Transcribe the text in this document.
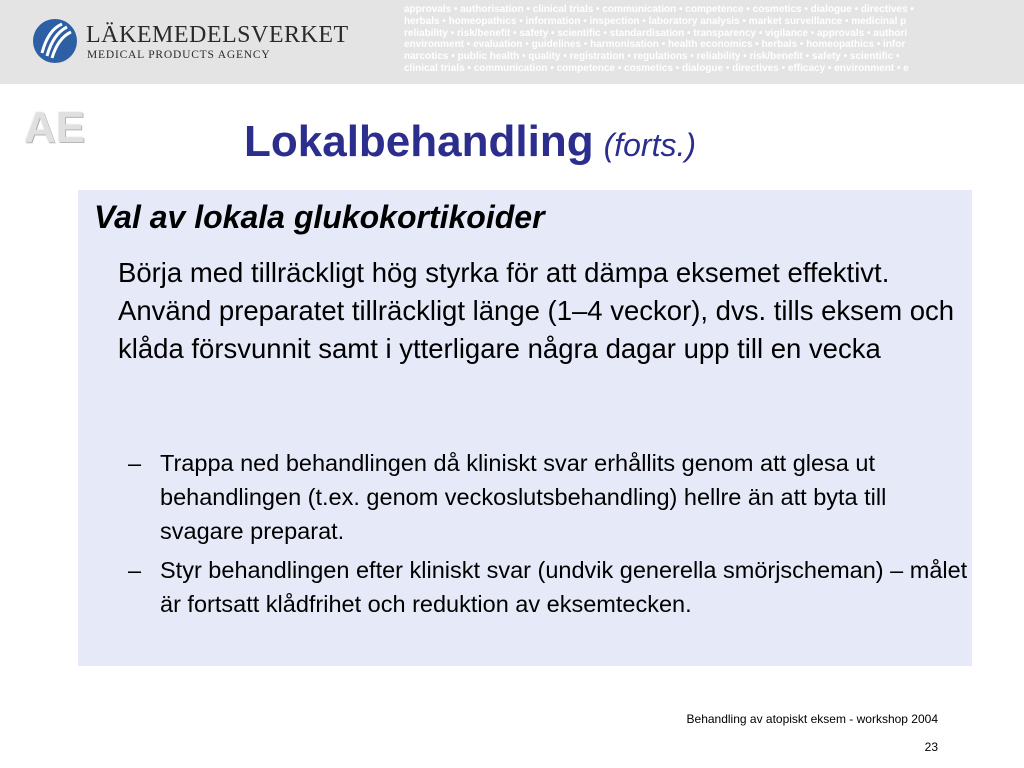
LÄKEMEDELSVERKET
MEDICAL PRODUCTS AGENCY
approvals • authorisation • clinical trials • communication • competence • cosmetics • dialogue • directives •
herbals • homeopathics • information • inspection • laboratory analysis • market surveillance • medicinal p
reliability • risk/benefit • safety • scientific • standardisation • transparency • vigilance • approvals • authori
environment • evaluation • guidelines • harmonisation • health economics • herbals • homeopathics • infor
narcotics • public health • quality • registration • regulations • reliability • risk/benefit • safety • scientific •
clinical trials • communication • competence • cosmetics • dialogue • directives • efficacy • environment • e
AE	Lokalbehandling (forts.)
Val av lokala glukokortikoider
Börja med tillräckligt hög styrka för att dämpa eksemet effektivt. Använd preparatet tillräckligt länge (1–4 veckor), dvs. tills eksem och klåda försvunnit samt i ytterligare några dagar upp till en vecka
– Trappa ned behandlingen då kliniskt svar erhållits genom att glesa ut behandlingen (t.ex. genom veckoslutsbehandling) hellre än att byta till svagare preparat.
– Styr behandlingen efter kliniskt svar (undvik generella smörjscheman) – målet är fortsatt klådfrihet och reduktion av eksemtecken.
Behandling av atopiskt eksem - workshop 2004
23
